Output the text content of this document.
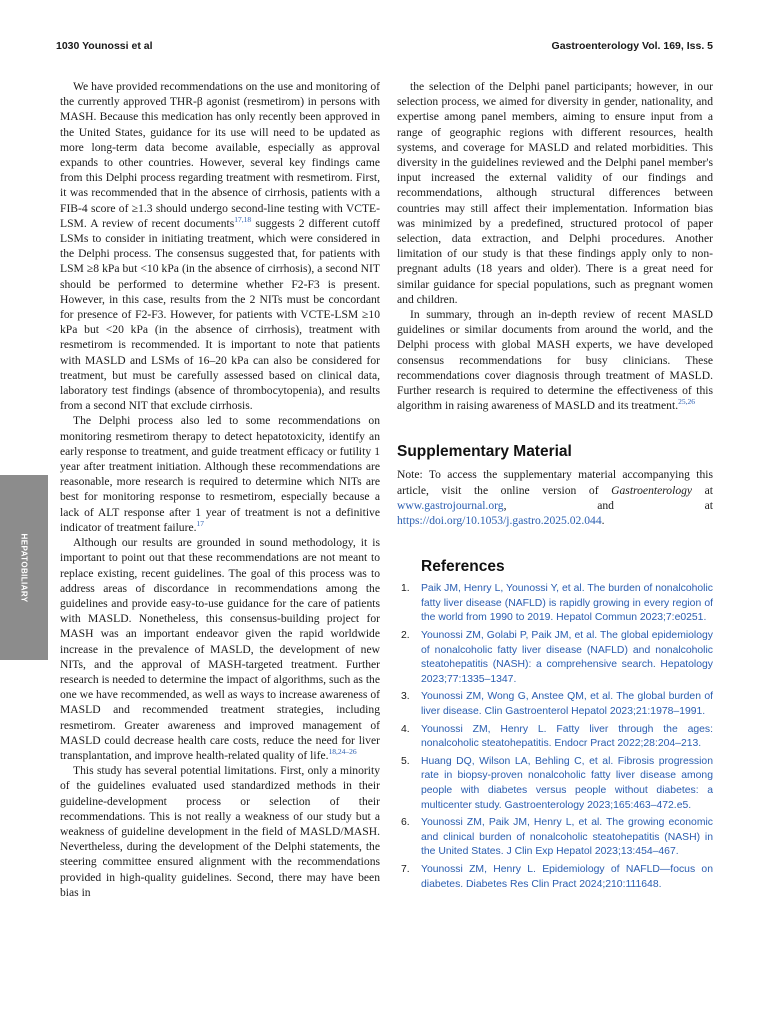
1030 Younossi et al	Gastroenterology Vol. 169, Iss. 5
HEPATOBILIARY

We have provided recommendations on the use and monitoring of the currently approved THR-β agonist (resmetirom) in persons with MASH. Because this medication has only recently been approved in the United States, guidance for its use will need to be updated as more long-term data become available, especially as approval expands to other countries. However, several key findings came from this Delphi process regarding treatment with resmetirom. First, it was recommended that in the absence of cirrhosis, patients with a FIB-4 score of ≥1.3 should undergo second-line testing with VCTE-LSM. A review of recent documents$^{17,18}$ suggests 2 different cutoff LSMs to consider in initiating treatment, which were considered in the Delphi process. The consensus suggested that, for patients with LSM ≥8 kPa but <10 kPa (in the absence of cirrhosis), a second NIT should be performed to determine whether F2-F3 is present. However, in this case, results from the 2 NITs must be concordant for presence of F2-F3. However, for patients with VCTE-LSM ≥10 kPa but <20 kPa (in the absence of cirrhosis), treatment with resmetirom is recommended. It is important to note that patients with MASLD and LSMs of 16–20 kPa can also be considered for treatment, but must be carefully assessed based on clinical data, laboratory test findings (absence of thrombocytopenia), and results from a second NIT that exclude cirrhosis.

The Delphi process also led to some recommendations on monitoring resmetirom therapy to detect hepatotoxicity, identify an early response to treatment, and guide treatment efficacy or futility 1 year after treatment initiation. Although these recommendations are reasonable, more research is required to determine which NITs are best for monitoring response to resmetirom, especially because a lack of ALT response after 1 year of treatment is not a definitive indicator of treatment failure.$^{17}$

Although our results are grounded in sound methodology, it is important to point out that these recommendations are not meant to replace existing, recent guidelines. The goal of this process was to address areas of discordance in recommendations among the guidelines and provide easy-to-use guidance for the care of patients with MASLD. Nonetheless, this consensus-building project for MASH was an important endeavor given the rapid worldwide increase in the prevalence of MASLD, the development of new NITs, and the approval of MASH-targeted treatment. Further research is needed to determine the impact of algorithms, such as the one we have recommended, as well as ways to increase awareness of MASLD and recommended treatment strategies, including resmetirom. Greater awareness and improved management of MASLD could decrease health care costs, reduce the need for liver transplantation, and improve health-related quality of life.$^{18,24-26}$

This study has several potential limitations. First, only a minority of the guidelines evaluated used standardized methods in their guideline-development process or selection of their recommendations. This is not really a weakness of our study but a weakness of guideline development in the field of MASLD/MASH. Nevertheless, during the development of the Delphi statements, the steering committee ensured alignment with the recommendations provided in high-quality guidelines. Second, there may have been bias in

the selection of the Delphi panel participants; however, in our selection process, we aimed for diversity in gender, nationality, and expertise among panel members, aiming to ensure input from a range of geographic regions with different resources, health systems, and coverage for MASLD and related morbidities. This diversity in the guidelines reviewed and the Delphi panel member's input increased the external validity of our findings and recommendations, although structural differences between countries may still affect their implementation. Information bias was minimized by a predefined, structured protocol of paper selection, data extraction, and Delphi procedures. Another limitation of our study is that these findings apply only to non-pregnant adults (18 years and older). There is a great need for similar guidance for special populations, such as pregnant women and children.

In summary, through an in-depth review of recent MASLD guidelines or similar documents from around the world, and the Delphi process with global MASH experts, we have developed consensus recommendations for busy clinicians. These recommendations cover diagnosis through treatment of MASLD. Further research is required to determine the effectiveness of this algorithm in raising awareness of MASLD and its treatment.$^{25,26}$

Supplementary Material

Note: To access the supplementary material accompanying this article, visit the online version of Gastroenterology at www.gastrojournal.org, and at https://doi.org/10.1053/j.gastro.2025.02.044.

References
1. Paik JM, Henry L, Younossi Y, et al. The burden of nonalcoholic fatty liver disease (NAFLD) is rapidly growing in every region of the world from 1990 to 2019. Hepatol Commun 2023;7:e0251.
2. Younossi ZM, Golabi P, Paik JM, et al. The global epidemiology of nonalcoholic fatty liver disease (NAFLD) and nonalcoholic steatohepatitis (NASH): a comprehensive search. Hepatology 2023;77:1335–1347.
3. Younossi ZM, Wong G, Anstee QM, et al. The global burden of liver disease. Clin Gastroenterol Hepatol 2023;21:1978–1991.
4. Younossi ZM, Henry L. Fatty liver through the ages: nonalcoholic steatohepatitis. Endocr Pract 2022;28:204–213.
5. Huang DQ, Wilson LA, Behling C, et al. Fibrosis progression rate in biopsy-proven nonalcoholic fatty liver disease among people with diabetes versus people without diabetes: a multicenter study. Gastroenterology 2023;165:463–472.e5.
6. Younossi ZM, Paik JM, Henry L, et al. The growing economic and clinical burden of nonalcoholic steatohepatitis (NASH) in the United States. J Clin Exp Hepatol 2023;13:454–467.
7. Younossi ZM, Henry L. Epidemiology of NAFLD—focus on diabetes. Diabetes Res Clin Pract 2024;210:111648.
